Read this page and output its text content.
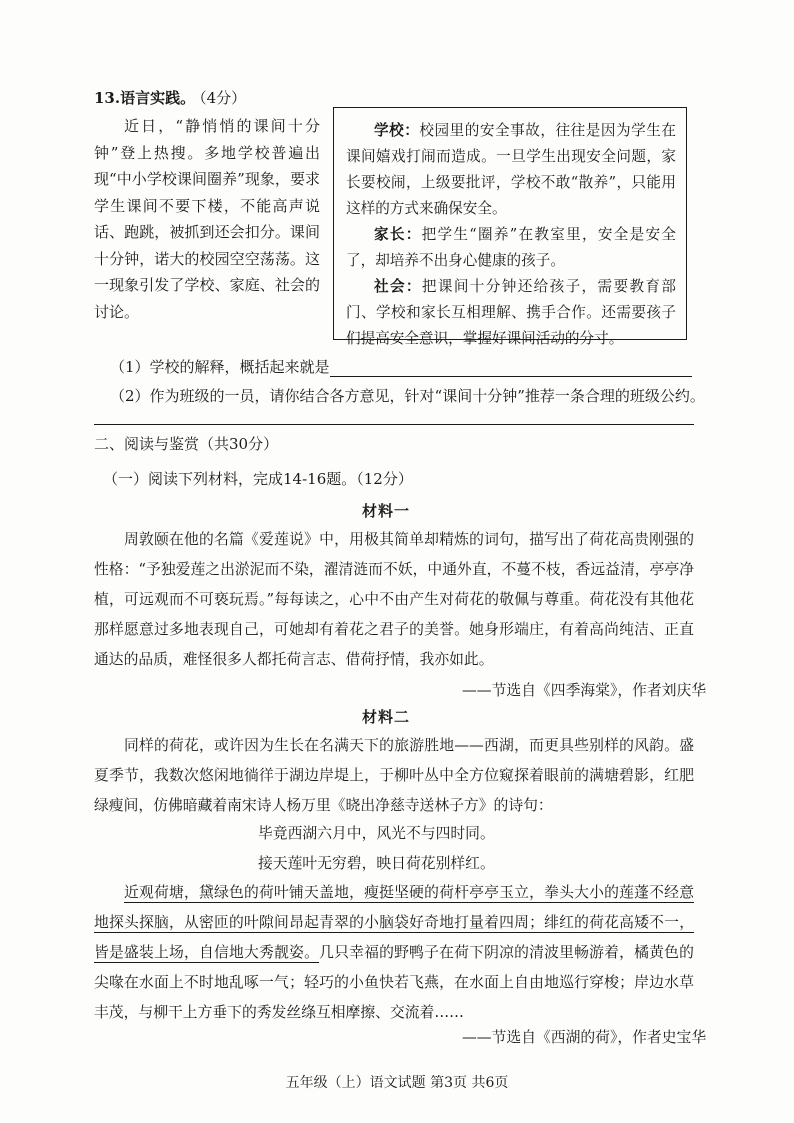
13.语言实践。 （4分）
近日，“静悄悄的课间十分钟”登上热搜。多地学校普遍出现“中小学校课间圈养”现象，要求学生课间不要下楼，不能高声说话、跑跳，被抓到还会扣分。课间十分钟，诺大的校园空空荡荡。这一现象引发了学校、家庭、社会的讨论。

学校：校园里的安全事故，往往是因为学生在课间嬉戏打闹而造成。一旦学生出现安全问题，家长要校闹，上级要批评，学校不敢“散养”，只能用这样的方式来确保安全。

家长：把学生“圈养”在教室里，安全是安全了，却培养不出身心健康的孩子。

社会：把课间十分钟还给孩子，需要教育部门、学校和家长互相理解、携手合作。还需要孩子们提高安全意识，掌握好课间活动的分寸。

（1）学校的解释，概括起来就是
（2）作为班级的一员，请你结合各方意见，针对“课间十分钟”推荐一条合理的班级公约。
二、阅读与鉴赏（共30分）
（一）阅读下列材料，完成14-16题。（12分）
材料一
周敦颐在他的名篇《爱莲说》中，用极其简单却精炼的词句，描写出了荷花高贵刚强的性格：“予独爱莲之出淤泥而不染，濯清涟而不妖，中通外直，不蔓不枝，香远益清，亭亭净植，可远观而不可亵玩焉。”每每读之，心中不由产生对荷花的敬佩与尊重。荷花没有其他花那样愿意过多地表现自己，可她却有着花之君子的美誉。她身形端庄，有着高尚纯洁、正直通达的品质，难怪很多人都托荷言志、借荷抒情，我亦如此。
——节选自《四季海棠》，作者刘庆华
材料二
同样的荷花，或许因为生长在名满天下的旅游胜地——西湖，而更具些别样的风韵。盛夏季节，我数次悠闲地徜徉于湖边岸堤上，于柳叶丛中全方位窥探着眼前的满塘碧影，红肥绿瘦间，仿佛暗藏着南宋诗人杨万里《晓出净慈寺送林子方》的诗句：
毕竟西湖六月中，风光不与四时同。
接天莲叶无穷碧，映日荷花别样红。
近观荷塘，黛绿色的荷叶铺天盖地，瘦挺坚硬的荷杆亭亭玉立，拳头大小的莲蓬不经意地探头探脑，从密匝的叶隙间昂起青翠的小脑袋好奇地打量着四周；绯红的荷花高矮不一，皆是盛装上场，自信地大秀靓姿。几只幸福的野鸭子在荷下阴凉的清波里畅游着，橘黄色的尖喙在水面上不时地乱啄一气；轻巧的小鱼快若飞燕，在水面上自由地巡行穿梭；岸边水草丰茂，与柳干上方垂下的秀发丝绦互相摩擦、交流着……
——节选自《西湖的荷》，作者史宝华
五年级（上）语文试题 第3页 共6页
